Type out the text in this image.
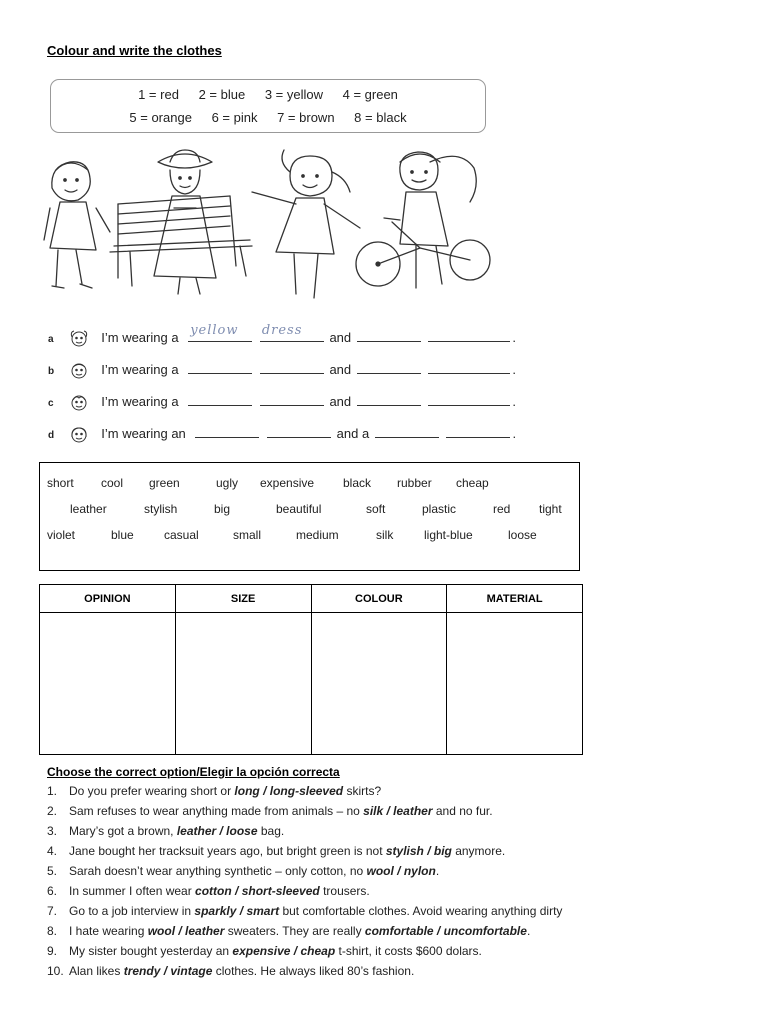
Colour and write the clothes
1 = red 2 = blue 3 = yellow 4 = green
5 = orange 6 = pink 7 = brown 8 = black
a	I’m wearing a yellow
dress and	.
b	I’m wearing a	and	.
c	I’m wearing a	and	.
d	I’m wearing an	and a	.
short cool green	ugly expensive black rubber cheap
leather	stylish	big	beautiful	soft	plastic	red tight
violet	blue	casual	small	medium	silk	light-blue	loose
OPINION	SIZE	COLOUR	MATERIAL

Choose the correct option/Elegir la opción correcta
1. Do you prefer wearing short or long / long-sleeved skirts?
2. Sam refuses to wear anything made from animals – no silk / leather and no fur.
3. Mary’s got a brown, leather / loose bag.
4. Jane bought her tracksuit years ago, but bright green is not stylish / big anymore.
5. Sarah doesn’t wear anything synthetic – only cotton, no wool / nylon.
6. In summer I often wear cotton / short-sleeved trousers.
7. Go to a job interview in sparkly / smart but comfortable clothes. Avoid wearing anything dirty
8. I hate wearing wool / leather sweaters. They are really comfortable / uncomfortable.
9. My sister bought yesterday an expensive / cheap t-shirt, it costs $600 dolars.
10. Alan likes trendy / vintage clothes. He always liked 80’s fashion.
